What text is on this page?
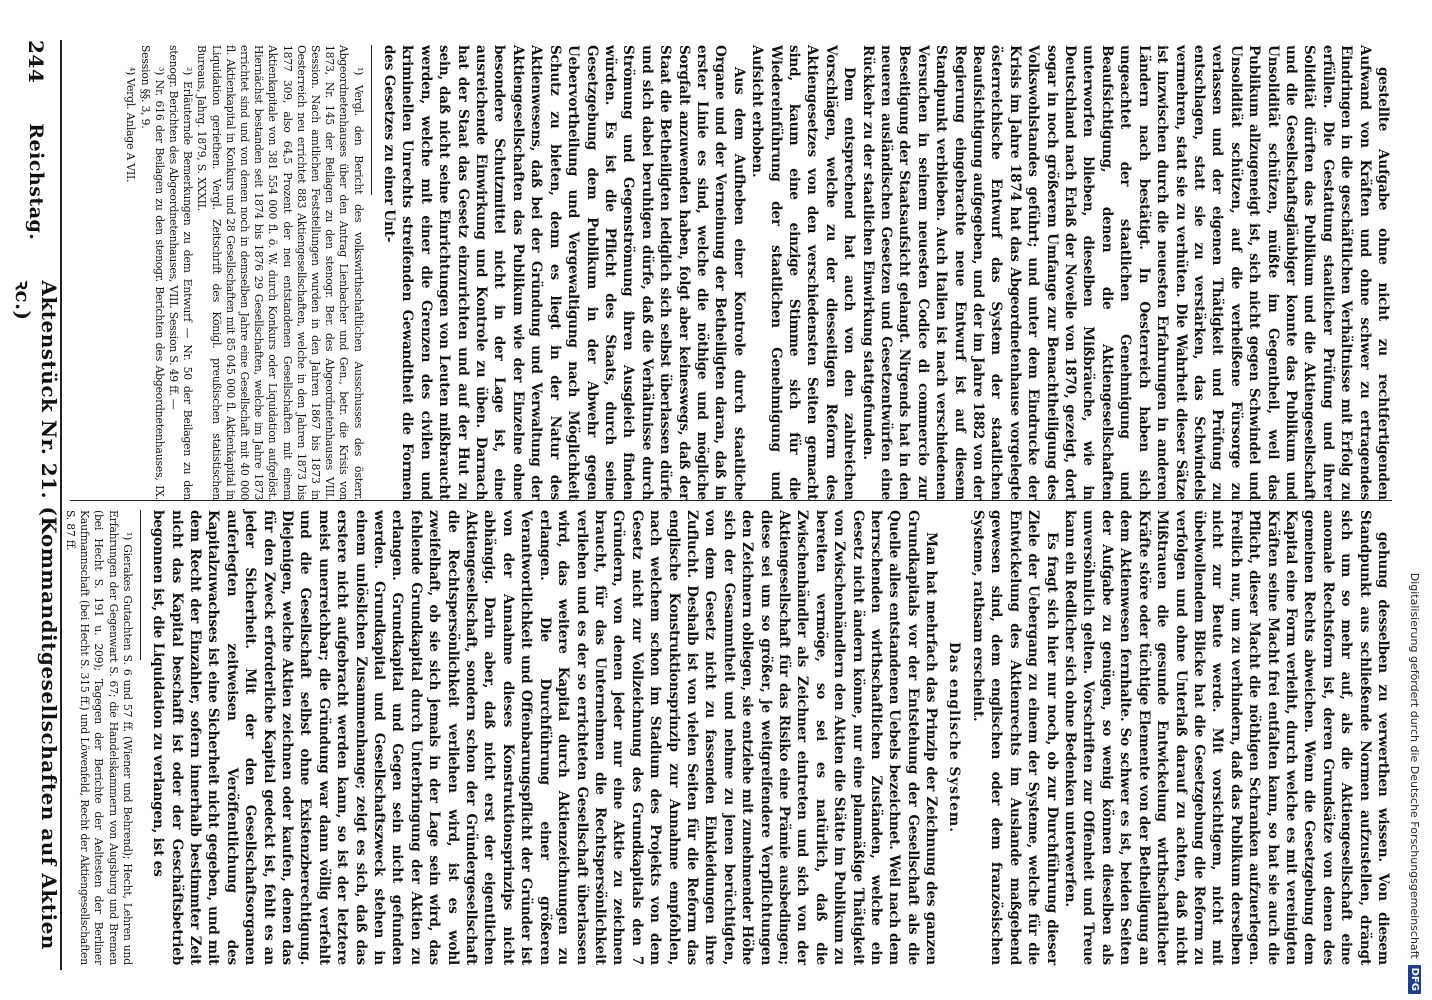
Digitalisierung gefördert durch die Deutsche Forschungsgemeinschaft
DFG

gestellte Aufgabe ohne nicht zu rechtfertigenden Aufwand von Kräften und ohne schwer zu ertragendes Eindringen in die geschäftlichen Verhältnisse mit Erfolg zu erfüllen. Die Gestattung staatlicher Prüfung und ihrer Solidität dürften das Publikum und die Aktiengesellschaft und die Gesellschaftsgläubiger konnte das Publikum und Unsolidität schützen, müßte im Gegentheil, weil das Publikum allzugeneigt ist, sich nicht gegen Schwindel und Unsolidität schützen, auf die verheißene Fürsorge zu verlassen und der eigenen Thätigkeit und Prüfung zu entschlagen, statt sie zu verstärken, das Schwindels vermehren, statt sie zu verhüten. Die Wahrheit dieser Sätze ist inzwischen durch die neuesten Erfahrungen in anderen Ländern nach bestätigt. In Oesterreich haben sich ungeachtet der staatlichen Genehmigung und Beaufsichtigung, denen die Aktiengesellschaften unterworfen blieben, dieselben Mißbräuche, wie in Deutschland nach Erlaß der Novelle von 1870, gezeigt, dort sogar in noch größerem Umfange zur Benachtheiligung des Volkswohlstandes geführt; und unter dem Eindrucke der Krisis im Jahre 1874 hat das Abgeordnetenhause vorgelegte österreichische Entwurf das System der staatlichen Beaufsichtigung aufgegeben, und der im Jahre 1882 von der Regierung eingebrachte neue Entwurf ist auf diesem Standpunkt verblieben. Auch Italien ist nach verschiedenen Versuchen in seinem neuesten Codice di commercio zur Beseitigung der Staatsaufsicht gelangt. Nirgends hat in den neueren ausländischen Gesetzen und Gesetzentwürfen eine Rückkehr zu der staatlichen Einwirkung stattgefunden.

Dem entsprechend hat auch von den zahlreichen Vorschlägen, welche zu der diesseitigen Reform des Aktiengesetzes von den verschiedensten Seiten gemacht sind, kaum eine einzige Stimme sich für die Wiedereinführung der staatlichen Genehmigung und Aufsicht erhoben.

Aus dem Aufheben einer Kontrole durch staatliche Organe und der Verneinung der Betheiligten daran, daß in erster Linie es sind, welche die nöthige und mögliche Sorgfalt anzuwenden haben, folgt aber keineswegs, daß der Staat die Betheiligten lediglich sich selbst überlassen dürfe und sich dabei beruhigen dürfe, daß die Verhältnisse durch Strömung und Gegenströmung ihren Ausgleich finden würden. Es ist die Pflicht des Staats, durch seine Gesetzgebung dem Publikum in der Abwehr gegen Uebervortheilung und Vergewaltigung nach Möglichkeit Schutz zu bieten, denn es liegt in der Natur des Aktienwesens, daß bei der Gründung und Verwaltung der Aktiengesellschaften das Publikum wie der Einzelne ohne besondere Schutzmittel nicht in der Lage ist, eine ausreichende Einwirkung und Kontrole zu üben. Darnach hat der Staat das Gesetz einzurichten und auf der Hut zu sein, daß nicht seine Einrichtungen von Leuten mißbraucht werden, welche mit einer die Grenzen des civilen und kriminellen Unrechts streifenden Gewandtheit die Formen des Gesetzes zu einer Unt-

¹) Vergl. den Bericht des volkswirthschaftlichen Ausschusses des österr. Abgeordnetenhauses über den Antrag Lienbacher und Gen., betr. die Krisis von 1873, Nr. 145 der Beilagen zu den stenogr. Ber. des Abgeordnetenhauses VIII. Session. Nach amtlichen Feststellungen wurden in den Jahren 1867 bis 1873 in Oesterreich neu errichtet 883 Aktiengesellschaften, welche in den Jahren 1873 bis 1877 309, also 64,5 Prozent der neu entstandenen Gesellschaften mit einem Aktienkapitale von 381 554 000 fl. ö. W. durch Konkurs oder Liquidation aufgelöst. Hiernächst bestanden seit 1874 bis 1876 29 Gesellschaften, welche im Jahre 1873 errichtet sind und von denen noch in demselben Jahre eine Gesellschaft mit 40 000 fl. Aktienkapital in Konkurs und 28 Gesellschaften mit 85 045 000 fl. Aktienkapital in Liquidation geriethen. Vergl. Zeitschrift des Königl. preußischen statistischen Bureaus, Jahrg. 1879, S. XXXII.

²) Erläuternde Bemerkungen zu dem Entwurf — Nr. 50 der Beilagen zu den stenogr. Berichten des Abgeordnetenhauses, VIII. Session S. 49 ff. —

³) Nr. 616 der Beilagen zu den stenogr. Berichten des Abgeordnetenhauses, IX. Session §§. 3, 9.

⁴) Vergl. Anlage A VII.

gehung desselben zu verwerthen wissen. Von diesem Standpunkt aus schließende Normen aufzustellen, drängt sich um so mehr auf, als die Aktiengesellschaft eine anomale Rechtsform ist, deren Grundsätze von denen des gemeinen Rechts abweichen. Wenn die Gesetzgebung dem Kapital eine Form verleiht, durch welche es mit vereinigten Kräften seine Macht frei entfalten kann, so hat sie auch die Pflicht, dieser Macht die nöthigen Schranken aufzuerlegen. Freilich nur, um zu verhindern, daß das Publikum derselben nicht zur Beute werde. Mit vorsichtigem, nicht mit übelwollendem Blicke hat die Gesetzgebung die Reform zu verfolgen und ohne Unterlaß darauf zu achten, daß nicht Mißtrauen die gesunde Entwickelung wirthschaftlicher Kräfte störe oder tüchtige Elemente von der Betheiligung an dem Aktienwesen fernhalte. So schwer es ist, beiden Seiten der Aufgabe zu genügen, so wenig können dieselben als unversöhnlich gelten. Vorschriften zur Offenheit und Treue kann ein Redlicher sich ohne Bedenken unterwerfen.

Es fragt sich hier nur noch, ob zur Durchführung dieser Ziele der Uebergang zu einem der Systeme, welche für die Entwickelung des Aktienrechts im Auslande maßgebend gewesen sind, dem englischen oder dem französischen Systeme, rathsam erscheint.

Das englische System.

Man hat mehrfach das Prinzip der Zeichnung des ganzen Grundkapitals vor der Entstehung der Gesellschaft als die Quelle alles entstandenen Uebels bezeichnet. Weil nach dem herrschenden wirthschaftlichen Zuständen, welche ein Gesetz nicht ändern könne, nur eine planmäßige Thätigkeit von Zwischenhändlern den Aktien die Stätte im Publikum zu bereiten vermöge, so sei es natürlich, daß die Zwischenhändler als Zeichner eintreten und sich von der Aktiengesellschaft für das Risiko eine Prämie ausbedingen; diese sei um so größer, je weitgreifendere Verpflichtungen den Zeichnern obliegen, sie entziehe mit zunehmender Höhe sich der Gesammtheit und nehme zu jenen berüchtigten, von dem Gesetz nicht zu fassenden Einkleidungen ihre Zuflucht. Deshalb ist von vielen Seiten für die Reform das englische Konstruktionsprinzip zur Annahme empfohlen, nach welchem schon im Stadium des Projekts von dem Gesetz nicht zur Vollzeichnung des Grundkapitals den 7 Gründern, von denen jeder nur eine Aktie zu zeichnen braucht, für das Unternehmen die Rechtspersönlichkeit verliehen und es der so errichteten Gesellschaft überlassen wird, das weitere Kapital durch Aktienzeichnungen zu erlangen. Die Durchführung einer größeren Verantwortlichkeit und Offenbarungspflicht der Gründer ist von der Annahme dieses Konstruktionsprinzips nicht abhängig. Darin aber, daß nicht erst der eigentlichen Aktiengesellschaft, sondern schon der Gründergesellschaft die Rechtspersönlichkeit verliehen wird, ist es wohl zweifelhaft, ob sie sich jemals in der Lage sein wird, das fehlende Grundkapital durch Unterbringung der Aktien zu erlangen. Grundkapital und Gegen sein nicht gefunden werden. Grundkapital und Gesellschaftszweck stehen in einem unlöslichen Zusammenhange; zeigt es sich, daß das erstere nicht aufgebracht werden kann, so ist der letztere meist unerreichbar; die Gründung war dann völlig verfehlt und die Gesellschaft selbst ohne Existenzberechtigung. Diejenigen, welche Aktien zeichnen oder kaufen, denen das für den Zweck erforderliche Kapital gedeckt ist, fehlt es an jeder Sicherheit. Mit der den Gesellschaftsorganen auferlegten zeitweisen Veröffentlichung des Kapitalzuwachses ist eine Sicherheit nicht gegeben, und mit dem Recht der Einzahler, sofern innerhalb bestimmter Zeit nicht das Kapital beschafft ist oder der Geschäftsbetrieb begonnen ist, die Liquidation zu verlangen, ist es

¹) Gierakes Gutachten S. 6 und 57 ff. (Wiener und Behrend); Hecht, Lehren und Erfahrungen der Gegenwart S. 67; die Handelskammern von Augsburg und Bremen (bei Hecht S. 191 u. 209); Tagegen der Berichte der Aeltesten der Berliner Kaufmannschaft (bei Hecht S. 315 ff.) und Löwenfeld, Recht der Aktiengesellschaften S. 87 ff.

244
Reichstag.
Aktenstück Nr. 21. (Kommanditgesellschaften auf Aktien ꝛc.)
